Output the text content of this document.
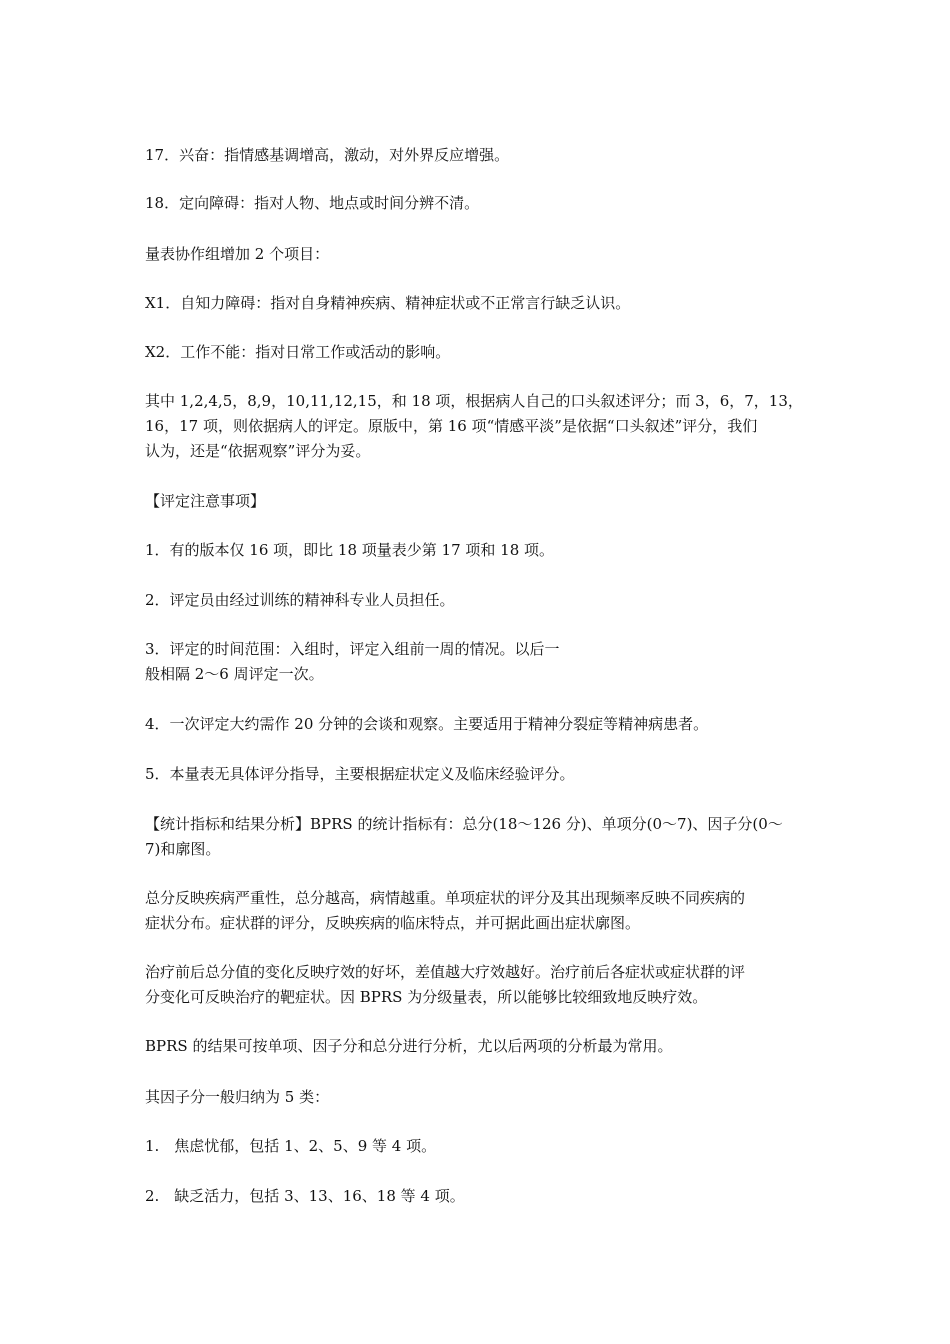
17．兴奋：指情感基调增高，激动，对外界反应增强。

18．定向障碍：指对人物、地点或时间分辨不清。

量表协作组增加 2 个项目：

X1．自知力障碍：指对自身精神疾病、精神症状或不正常言行缺乏认识。

X2．工作不能：指对日常工作或活动的影响。

其中 1,2,4,5，8,9，10,11,12,15，和 18 项，根据病人自己的口头叙述评分；而 3，6，7，13，
16，17 项，则依据病人的评定。原版中，第 16 项“情感平淡”是依据“口头叙述”评分，我们
认为，还是“依据观察”评分为妥。

【评定注意事项】

1．有的版本仅 16 项，即比 18 项量表少第 17 项和 18 项。

2．评定员由经过训练的精神科专业人员担任。

3．评定的时间范围：入组时，评定入组前一周的情况。以后一
般相隔 2～6 周评定一次。

4．一次评定大约需作 20 分钟的会谈和观察。主要适用于精神分裂症等精神病患者。

5．本量表无具体评分指导，主要根据症状定义及临床经验评分。

【统计指标和结果分析】BPRS 的统计指标有：总分(18～126 分)、单项分(0～7)、因子分(0～
7)和廓图。

总分反映疾病严重性，总分越高，病情越重。单项症状的评分及其出现频率反映不同疾病的
症状分布。症状群的评分，反映疾病的临床特点，并可据此画出症状廓图。

治疗前后总分值的变化反映疗效的好坏，差值越大疗效越好。治疗前后各症状或症状群的评
分变化可反映治疗的靶症状。因 BPRS 为分级量表，所以能够比较细致地反映疗效。

BPRS 的结果可按单项、因子分和总分进行分析，尤以后两项的分析最为常用。

其因子分一般归纳为 5 类：

1.　焦虑忧郁，包括 1、2、5、9 等 4 项。

2.　缺乏活力，包括 3、13、16、18 等 4 项。
